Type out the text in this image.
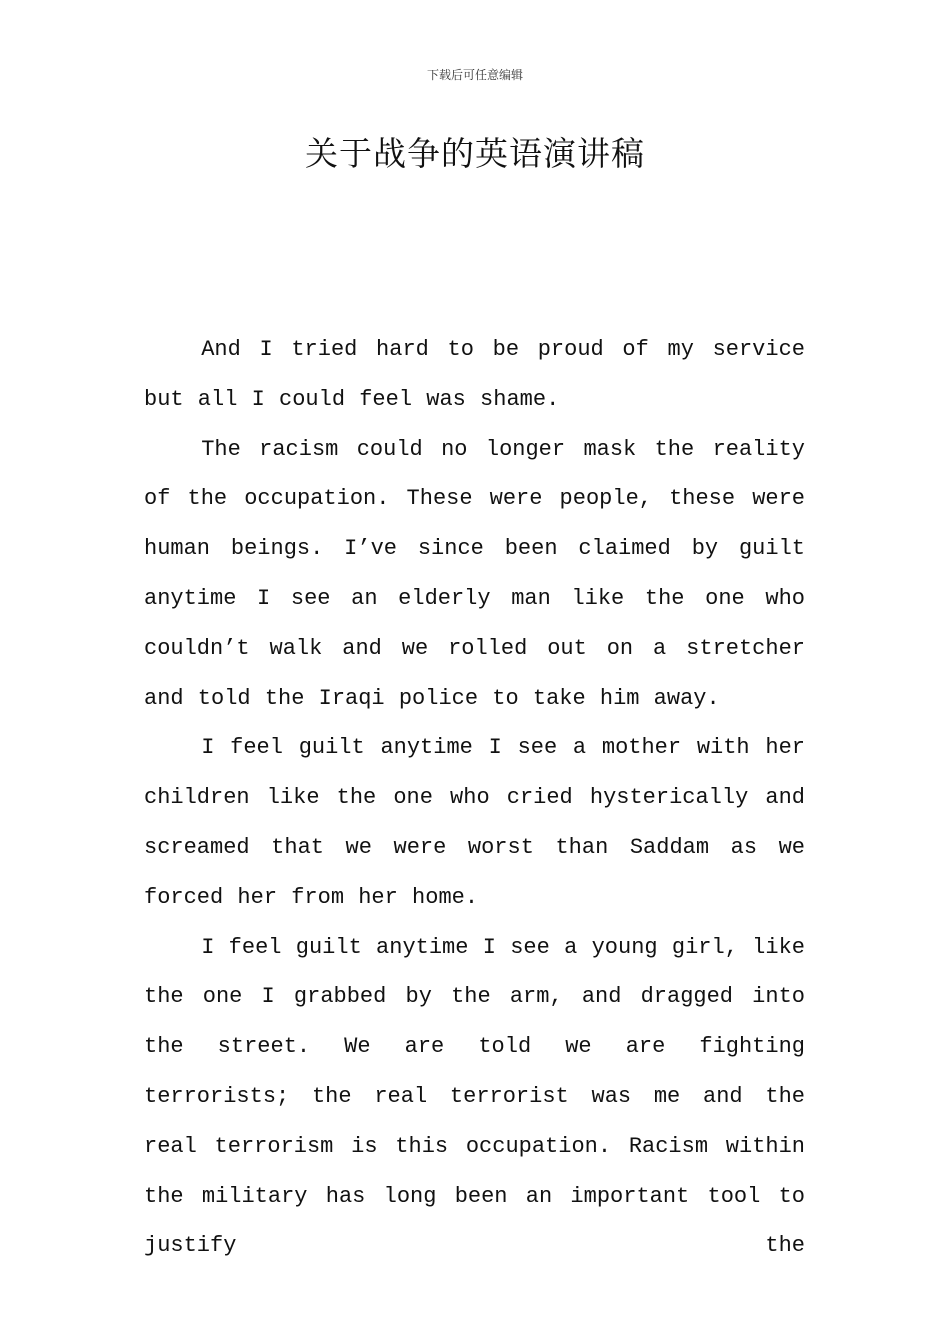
下载后可任意编辑
关于战争的英语演讲稿

And I tried hard to be proud of my service but all I could feel was shame.

The racism could no longer mask the reality of the occupation. These were people, these were human beings. I’ve since been claimed by guilt anytime I see an elderly man like the one who couldn’t walk and we rolled out on a stretcher and told the Iraqi police to take him away.

I feel guilt anytime I see a mother with her children like the one who cried hysterically and screamed that we were worst than Saddam as we forced her from her home.

I feel guilt anytime I see a young girl, like the one I grabbed by the arm, and dragged into the street. We are told we are fighting terrorists; the real terrorist was me and the real terrorism is this occupation. Racism within the military has long been an important tool to justify the
